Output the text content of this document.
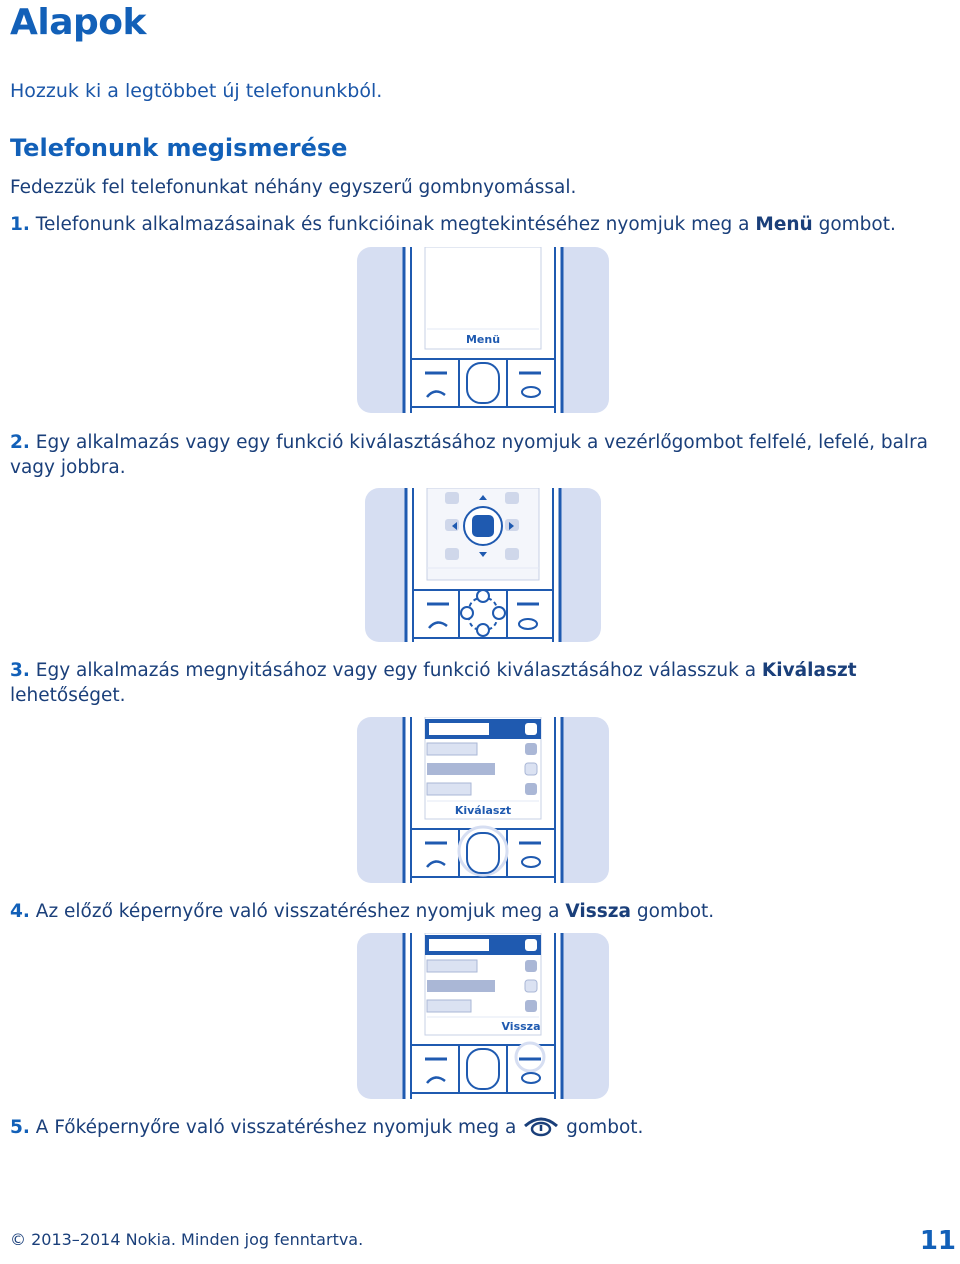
Alapok
Hozzuk ki a legtöbbet új telefonunkból.
Telefonunk megismerése
Fedezzük fel telefonunkat néhány egyszerű gombnyomással.
1. Telefonunk alkalmazásainak és funkcióinak megtekintéséhez nyomjuk meg a Menü gombot.
Menü
2. Egy alkalmazás vagy egy funkció kiválasztásához nyomjuk a vezérlőgombot felfelé, lefelé, balra vagy jobbra.
3. Egy alkalmazás megnyitásához vagy egy funkció kiválasztásához válasszuk a Kiválaszt lehetőséget.
Kiválaszt
4. Az előző képernyőre való visszatéréshez nyomjuk meg a Vissza gombot.
Vissza
5. A Főképernyőre való visszatéréshez nyomjuk meg a  gombot.
© 2013–2014 Nokia. Minden jog fenntartva.	11
